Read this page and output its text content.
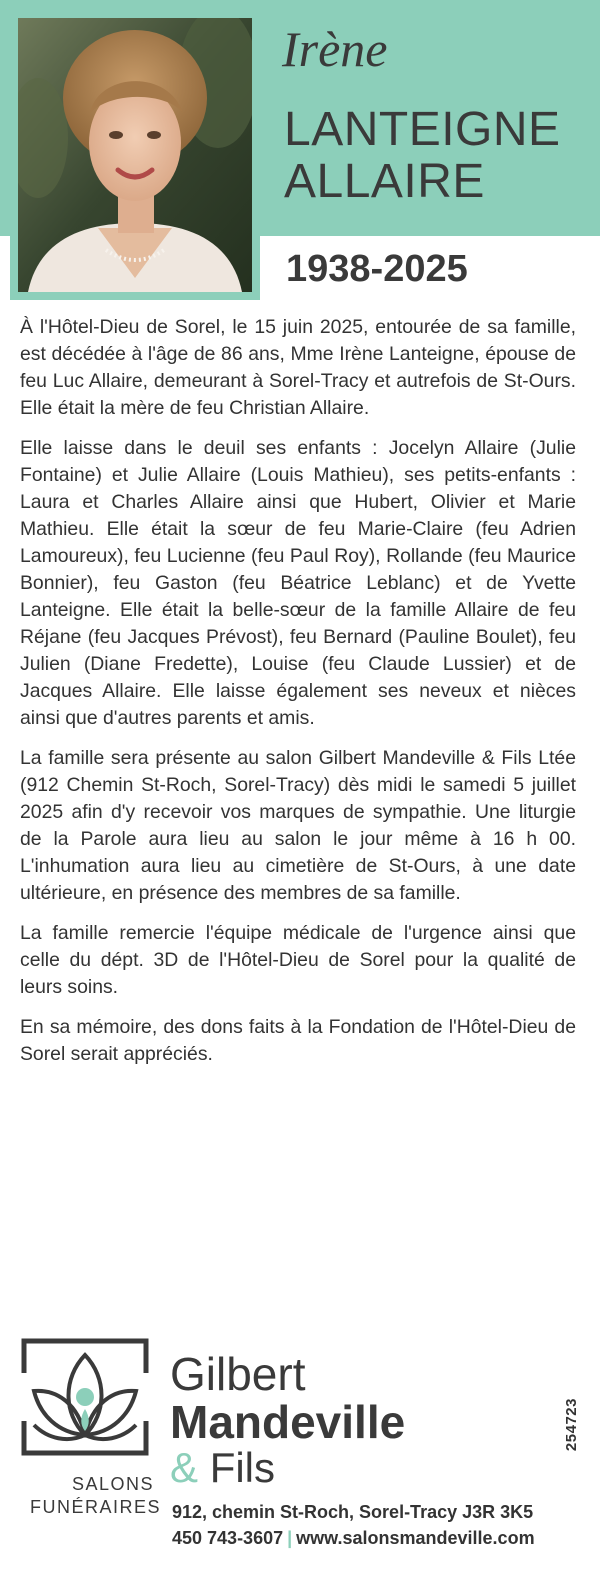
Irène
LANTEIGNE
ALLAIRE
1938-2025

À l'Hôtel-Dieu de Sorel, le 15 juin 2025, entourée de sa famille, est décédée à l'âge de 86 ans, Mme Irène Lanteigne, épouse de feu Luc Allaire, demeurant à Sorel-Tracy et autrefois de St-Ours. Elle était la mère de feu Christian Allaire.

Elle laisse dans le deuil ses enfants : Jocelyn Allaire (Julie Fontaine) et Julie Allaire (Louis Mathieu), ses petits-enfants : Laura et Charles Allaire ainsi que Hubert, Olivier et Marie Mathieu. Elle était la sœur de feu Marie-Claire (feu Adrien Lamoureux), feu Lucienne (feu Paul Roy), Rollande (feu Maurice Bonnier), feu Gaston (feu Béatrice Leblanc) et de Yvette Lanteigne. Elle était la belle-sœur de la famille Allaire de feu Réjane (feu Jacques Prévost), feu Bernard (Pauline Boulet), feu Julien (Diane Fredette), Louise (feu Claude Lussier) et de Jacques Allaire. Elle laisse également ses neveux et nièces ainsi que d'autres parents et amis.

La famille sera présente au salon Gilbert Mandeville & Fils Ltée (912 Chemin St-Roch, Sorel-Tracy) dès midi le samedi 5 juillet 2025 afin d'y recevoir vos marques de sympathie. Une liturgie de la Parole aura lieu au salon le jour même à 16 h 00. L'inhumation aura lieu au cimetière de St-Ours, à une date ultérieure, en présence des membres de sa famille.

La famille remercie l'équipe médicale de l'urgence ainsi que celle du dépt. 3D de l'Hôtel-Dieu de Sorel pour la qualité de leurs soins.

En sa mémoire, des dons faits à la Fondation de l'Hôtel-Dieu de Sorel serait appréciés.

SALONS
FUNÉRAIRES
Gilbert
Mandeville
& Fils
912, chemin St-Roch, Sorel-Tracy J3R 3K5
450 743-3607 | www.salonsmandeville.com
254723
